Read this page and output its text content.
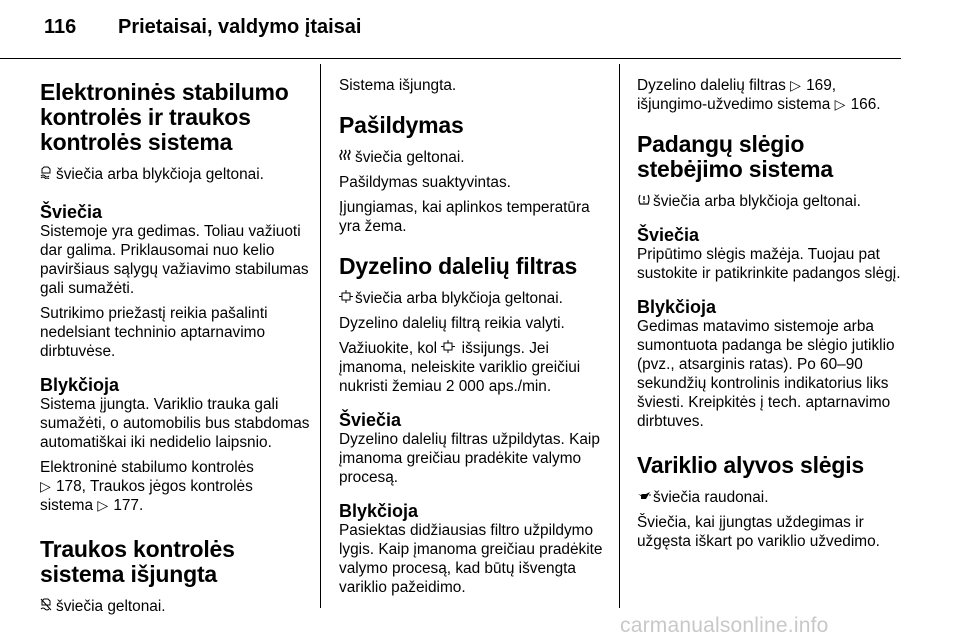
116 Prietaisai, valdymo įtaisai
Elektroninės stabilumo kontrolės ir traukos kontrolės sistema
šviečia arba blykčioja geltonai.
Šviečia
Sistemoje yra gedimas. Toliau važiuoti dar galima. Priklausomai nuo kelio paviršiaus sąlygų važiavimo stabilumas gali sumažėti.
Sutrikimo priežastį reikia pašalinti nedelsiant techninio aptarnavimo dirbtuvėse.
Blykčioja
Sistema įjungta. Variklio trauka gali sumažėti, o automobilis bus stabdomas automatiškai iki nedidelio laipsnio.
Elektroninė stabilumo kontrolės
▷ 178, Traukos jėgos kontrolės
sistema ▷ 177.
Traukos kontrolės sistema išjungta
šviečia geltonai.
Sistema išjungta.
Pašildymas
šviečia geltonai.
Pašildymas suaktyvintas.
Įjungiamas, kai aplinkos temperatūra yra žema.
Dyzelino dalelių filtras
šviečia arba blykčioja geltonai.
Dyzelino dalelių filtrą reikia valyti.
Važiuokite, kol išsijungs. Jei įmanoma, neleiskite variklio greičiui nukristi žemiau 2 000 aps./min.
Šviečia
Dyzelino dalelių filtras užpildytas. Kaip įmanoma greičiau pradėkite valymo procesą.
Blykčioja
Pasiektas didžiausias filtro užpildymo lygis. Kaip įmanoma greičiau pradėkite valymo procesą, kad būtų išvengta variklio pažeidimo.
Dyzelino dalelių filtras ▷ 169,
išjungimo-užvedimo sistema ▷ 166.
Padangų slėgio stebėjimo sistema
šviečia arba blykčioja geltonai.
Šviečia
Pripūtimo slėgis mažėja. Tuojau pat sustokite ir patikrinkite padangos slėgį.
Blykčioja
Gedimas matavimo sistemoje arba sumontuota padanga be slėgio jutiklio (pvz., atsarginis ratas). Po 60–90 sekundžių kontrolinis indikatorius liks šviesti. Kreipkitės į tech. aptarnavimo dirbtuves.
Variklio alyvos slėgis
šviečia raudonai.
Šviečia, kai įjungtas uždegimas ir užgęsta iškart po variklio užvedimo.
carmanualsonline.info
